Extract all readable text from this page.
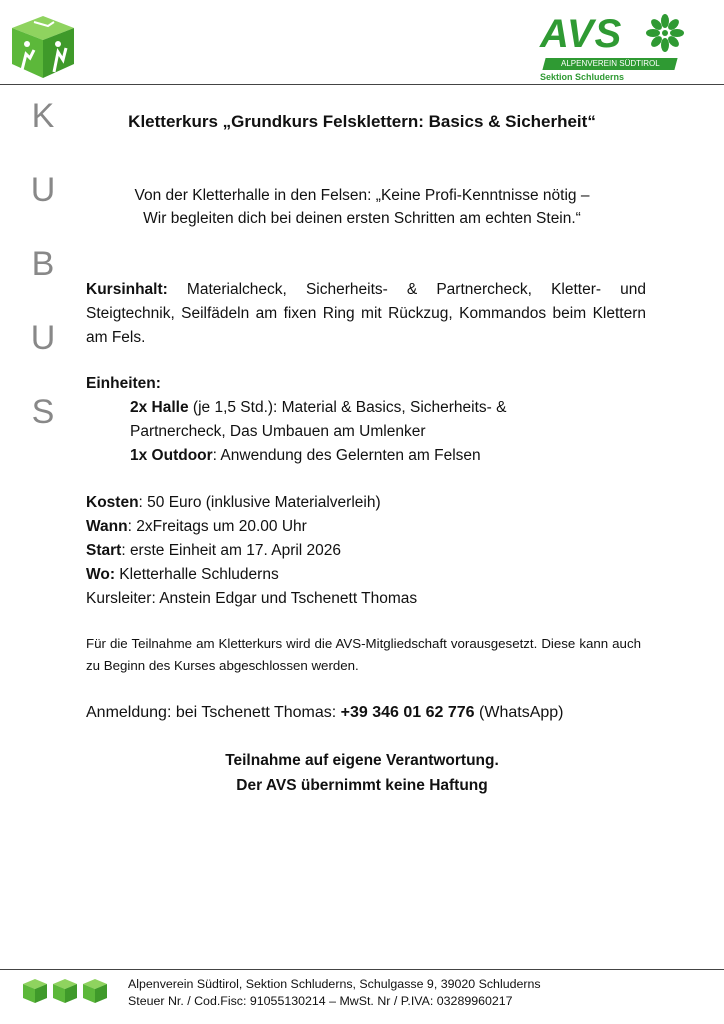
AVS
ALPENVEREIN SÜDTIROL
Sektion Schluderns
K
U
B
U
S
Kletterkurs „Grundkurs Felsklettern: Basics & Sicherheit“
Von der Kletterhalle in den Felsen: „Keine Profi-Kenntnisse nötig –
Wir begleiten dich bei deinen ersten Schritten am echten Stein.“
Kursinhalt: Materialcheck, Sicherheits- & Partnercheck, Kletter- und Steigtechnik, Seilfädeln am fixen Ring mit Rückzug, Kommandos beim Klettern am Fels.
Einheiten:
2x Halle (je 1,5 Std.): Material & Basics, Sicherheits- &
Partnercheck, Das Umbauen am Umlenker
1x Outdoor: Anwendung des Gelernten am Felsen
Kosten: 50 Euro (inklusive Materialverleih)
Wann: 2xFreitags um 20.00 Uhr
Start: erste Einheit am 17. April 2026
Wo: Kletterhalle Schluderns
Kursleiter: Anstein Edgar und Tschenett Thomas
Für die Teilnahme am Kletterkurs wird die AVS-Mitgliedschaft vorausgesetzt. Diese kann auch zu Beginn des Kurses abgeschlossen werden.
Anmeldung: bei Tschenett Thomas: +39 346 01 62 776 (WhatsApp)
Teilnahme auf eigene Verantwortung.
Der AVS übernimmt keine Haftung
Alpenverein Südtirol, Sektion Schluderns, Schulgasse 9, 39020 Schluderns
Steuer Nr. / Cod.Fisc: 91055130214 – MwSt. Nr / P.IVA: 03289960217
